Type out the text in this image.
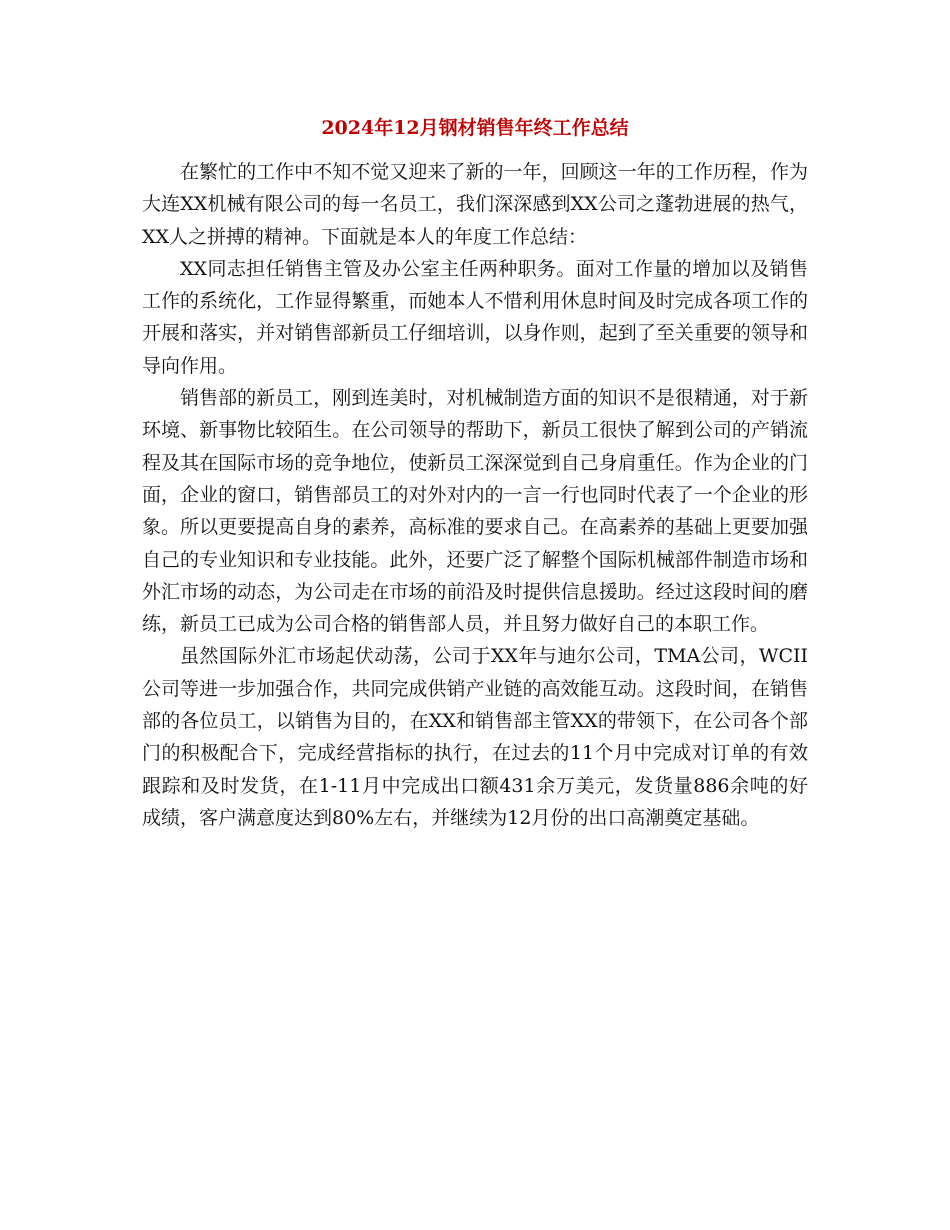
2024年12月钢材销售年终工作总结

在繁忙的工作中不知不觉又迎来了新的一年，回顾这一年的工作历程，作为大连XX机械有限公司的每一名员工，我们深深感到XX公司之蓬勃进展的热气，XX人之拼搏的精神。下面就是本人的年度工作总结：

XX同志担任销售主管及办公室主任两种职务。面对工作量的增加以及销售工作的系统化，工作显得繁重，而她本人不惜利用休息时间及时完成各项工作的开展和落实，并对销售部新员工仔细培训，以身作则，起到了至关重要的领导和导向作用。

销售部的新员工，刚到连美时，对机械制造方面的知识不是很精通，对于新环境、新事物比较陌生。在公司领导的帮助下，新员工很快了解到公司的产销流程及其在国际市场的竞争地位，使新员工深深觉到自己身肩重任。作为企业的门面，企业的窗口，销售部员工的对外对内的一言一行也同时代表了一个企业的形象。所以更要提高自身的素养，高标准的要求自己。在高素养的基础上更要加强自己的专业知识和专业技能。此外，还要广泛了解整个国际机械部件制造市场和外汇市场的动态，为公司走在市场的前沿及时提供信息援助。经过这段时间的磨练，新员工已成为公司合格的销售部人员，并且努力做好自己的本职工作。

虽然国际外汇市场起伏动荡，公司于XX年与迪尔公司，TMA公司，WCII公司等进一步加强合作，共同完成供销产业链的高效能互动。这段时间，在销售部的各位员工，以销售为目的，在XX和销售部主管XX的带领下，在公司各个部门的积极配合下，完成经营指标的执行，在过去的11个月中完成对订单的有效跟踪和及时发货，在1-11月中完成出口额431余万美元，发货量886余吨的好成绩，客户满意度达到80%左右，并继续为12月份的出口高潮奠定基础。
